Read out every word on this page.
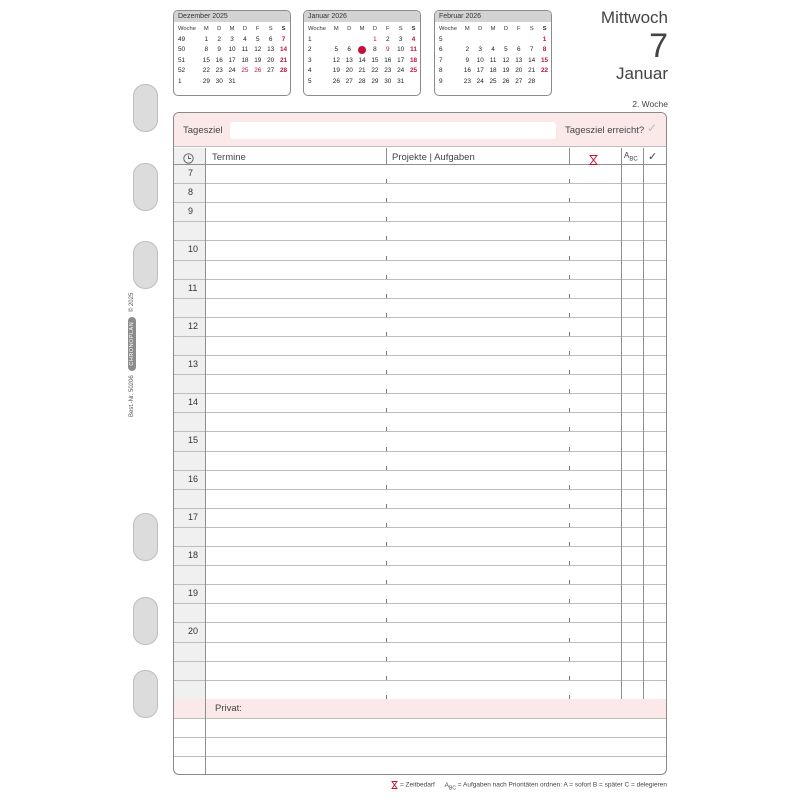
Dezember 2025
Woche	M	D	M	D	F	S	S
49	1	2	3	4	5	6	7
50	8	9	10	11	12	13	14
51	15	16	17	18	19	20	21
52	22	23	24	25	26	27	28
1	29	30	31				
Januar 2026
Woche	M	D	M	D	F	S	S
1				1	2	3	4
2	5	6		8	9	10	11
3	12	13	14	15	16	17	18
4	19	20	21	22	23	24	25
5	26	27	28	29	30	31	
Februar 2026
Woche	M	D	M	D	F	S	S
5							1
6	2	3	4	5	6	7	8
7	9	10	11	12	13	14	15
8	16	17	18	19	20	21	22
9	23	24	25	26	27	28	
Mittwoch
7
Januar
2. Woche
Best.-Nr. 50206 CHRONOPLAN © 2025
Tagesziel	Tagesziel erreicht? ✓
Termine	Projekte | Aufgaben	$A_{BC}$ ✓
7
8
9
10
11
12
13
14
15
16
17
18
19
20
Privat:
= Zeitbedarf $A_{BC}$ = Aufgaben nach Prioritäten ordnen: A = sofort B = später C = delegieren
